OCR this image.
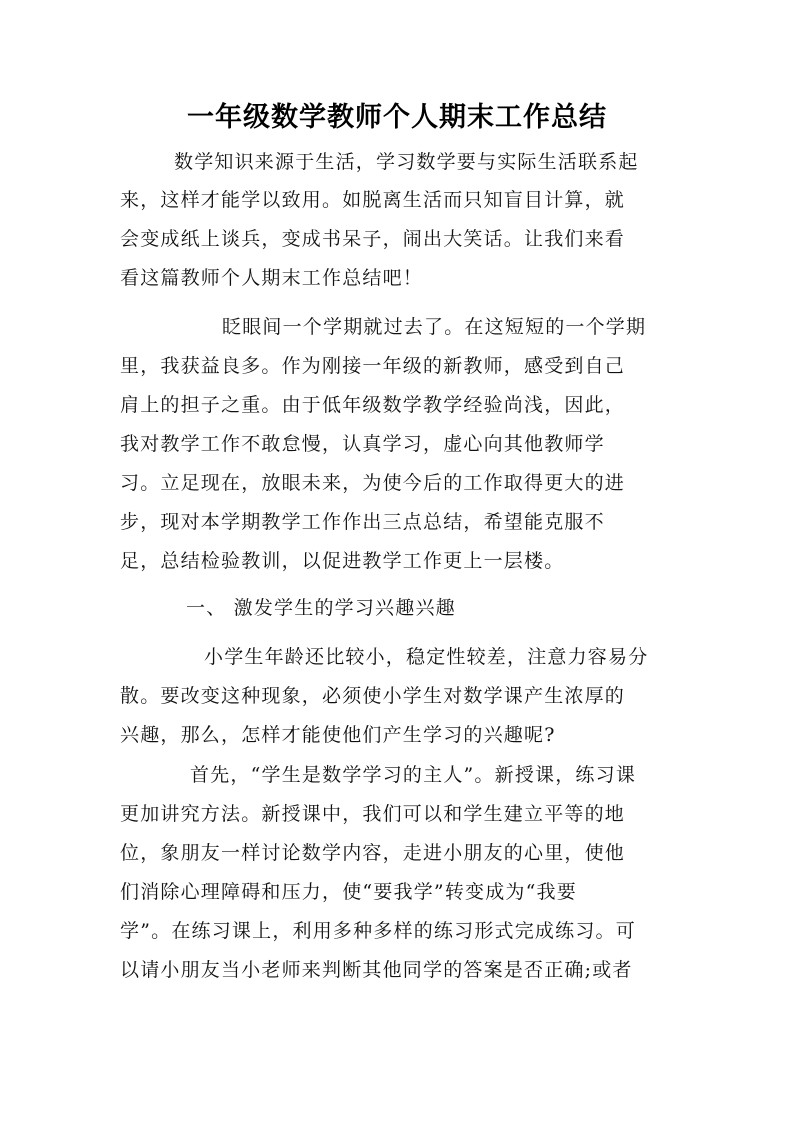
一年级数学教师个人期末工作总结
数学知识来源于生活，学习数学要与实际生活联系起
来，这样才能学以致用。如脱离生活而只知盲目计算，就
会变成纸上谈兵，变成书呆子，闹出大笑话。让我们来看
看这篇教师个人期末工作总结吧！
眨眼间一个学期就过去了。在这短短的一个学期
里，我获益良多。作为刚接一年级的新教师，感受到自己
肩上的担子之重。由于低年级数学教学经验尚浅，因此，
我对教学工作不敢怠慢，认真学习，虚心向其他教师学
习。立足现在，放眼未来，为使今后的工作取得更大的进
步，现对本学期教学工作作出三点总结，希望能克服不
足，总结检验教训，以促进教学工作更上一层楼。
一、 激发学生的学习兴趣兴趣
小学生年龄还比较小，稳定性较差，注意力容易分
散。要改变这种现象，必须使小学生对数学课产生浓厚的
兴趣，那么，怎样才能使他们产生学习的兴趣呢?
首先，“学生是数学学习的主人”。新授课，练习课
更加讲究方法。新授课中，我们可以和学生建立平等的地
位，象朋友一样讨论数学内容，走进小朋友的心里，使他
们消除心理障碍和压力，使“要我学”转变成为“我要
学”。在练习课上，利用多种多样的练习形式完成练习。可
以请小朋友当小老师来判断其他同学的答案是否正确;或者
